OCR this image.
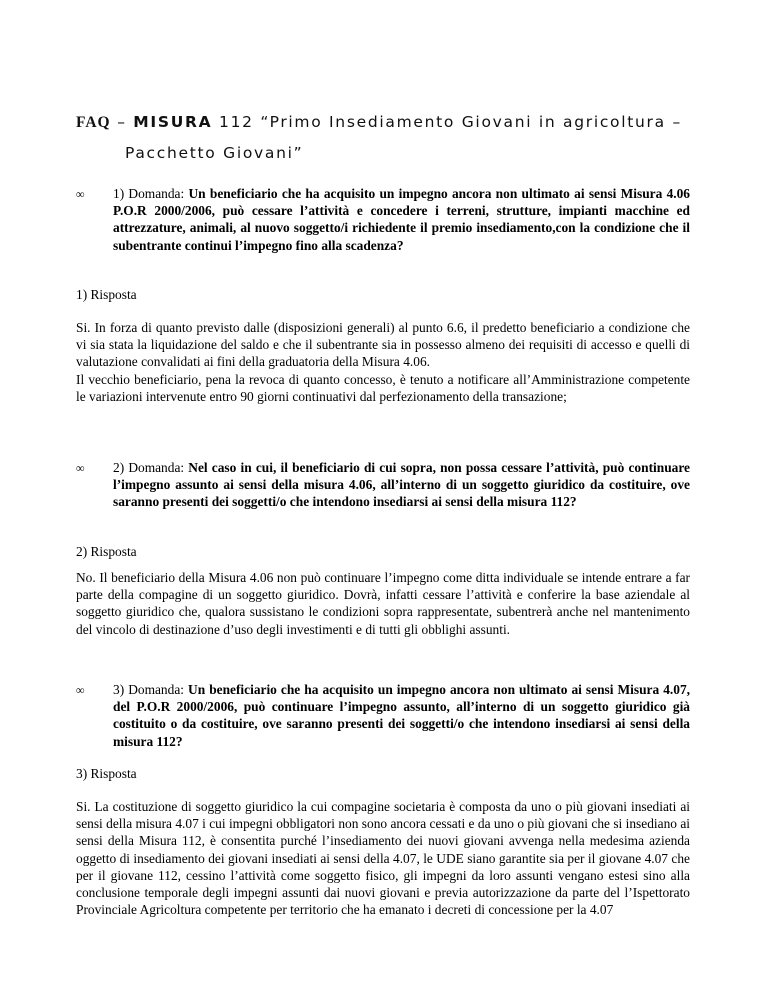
FAQ – MISURA 112 “Primo Insediamento Giovani in agricoltura –
Pacchetto Giovani”
∞ 1) Domanda: Un beneficiario che ha acquisito un impegno ancora non ultimato ai sensi Misura 4.06 P.O.R 2000/2006, può cessare l’attività e concedere i terreni, strutture, impianti macchine ed attrezzature, animali, al nuovo soggetto/i richiedente il premio insediamento,con la condizione che il subentrante continui l’impegno fino alla scadenza?
1) Risposta

Si. In forza di quanto previsto dalle (disposizioni generali) al punto 6.6, il predetto beneficiario a condizione che vi sia stata la liquidazione del saldo e che il subentrante sia in possesso almeno dei requisiti di accesso e quelli di valutazione convalidati ai fini della graduatoria della Misura 4.06.

Il vecchio beneficiario, pena la revoca di quanto concesso, è tenuto a notificare all’Amministrazione competente le variazioni intervenute entro 90 giorni continuativi dal perfezionamento della transazione;

∞ 2) Domanda: Nel caso in cui, il beneficiario di cui sopra, non possa cessare l’attività, può continuare l’impegno assunto ai sensi della misura 4.06, all’interno di un soggetto giuridico da costituire, ove saranno presenti dei soggetti/o che intendono insediarsi ai sensi della misura 112?
2) Risposta

No. Il beneficiario della Misura 4.06 non può continuare l’impegno come ditta individuale se intende entrare a far parte della compagine di un soggetto giuridico. Dovrà, infatti cessare l’attività e conferire la base aziendale al soggetto giuridico che, qualora sussistano le condizioni sopra rappresentate, subentrerà anche nel mantenimento del vincolo di destinazione d’uso degli investimenti e di tutti gli obblighi assunti.

∞ 3) Domanda: Un beneficiario che ha acquisito un impegno ancora non ultimato ai sensi Misura 4.07, del P.O.R 2000/2006, può continuare l’impegno assunto, all’interno di un soggetto giuridico già costituito o da costituire, ove saranno presenti dei soggetti/o che intendono insediarsi ai sensi della misura 112?
3) Risposta

Si. La costituzione di soggetto giuridico la cui compagine societaria è composta da uno o più giovani insediati ai sensi della misura 4.07 i cui impegni obbligatori non sono ancora cessati e da uno o più giovani che si insediano ai sensi della Misura 112, è consentita purché l’insediamento dei nuovi giovani avvenga nella medesima azienda oggetto di insediamento dei giovani insediati ai sensi della 4.07, le UDE siano garantite sia per il giovane 4.07 che per il giovane 112, cessino l’attività come soggetto fisico, gli impegni da loro assunti vengano estesi sino alla conclusione temporale degli impegni assunti dai nuovi giovani e previa autorizzazione da parte del l’Ispettorato Provinciale Agricoltura competente per territorio che ha emanato i decreti di concessione per la 4.07
